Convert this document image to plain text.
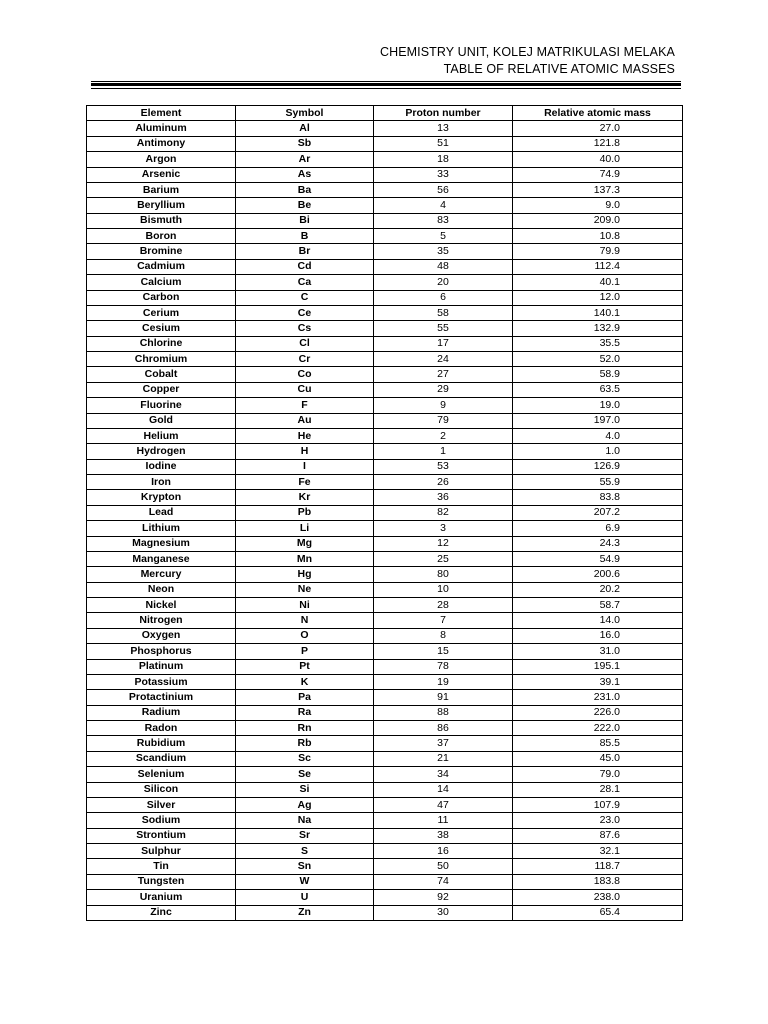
CHEMISTRY UNIT, KOLEJ MATRIKULASI MELAKA
TABLE OF RELATIVE ATOMIC MASSES
Element	Symbol	Proton number	Relative atomic mass
Aluminum	Al	13	27.0
Antimony	Sb	51	121.8
Argon	Ar	18	40.0
Arsenic	As	33	74.9
Barium	Ba	56	137.3
Beryllium	Be	4	9.0
Bismuth	Bi	83	209.0
Boron	B	5	10.8
Bromine	Br	35	79.9
Cadmium	Cd	48	112.4
Calcium	Ca	20	40.1
Carbon	C	6	12.0
Cerium	Ce	58	140.1
Cesium	Cs	55	132.9
Chlorine	Cl	17	35.5
Chromium	Cr	24	52.0
Cobalt	Co	27	58.9
Copper	Cu	29	63.5
Fluorine	F	9	19.0
Gold	Au	79	197.0
Helium	He	2	4.0
Hydrogen	H	1	1.0
Iodine	I	53	126.9
Iron	Fe	26	55.9
Krypton	Kr	36	83.8
Lead	Pb	82	207.2
Lithium	Li	3	6.9
Magnesium	Mg	12	24.3
Manganese	Mn	25	54.9
Mercury	Hg	80	200.6
Neon	Ne	10	20.2
Nickel	Ni	28	58.7
Nitrogen	N	7	14.0
Oxygen	O	8	16.0
Phosphorus	P	15	31.0
Platinum	Pt	78	195.1
Potassium	K	19	39.1
Protactinium	Pa	91	231.0
Radium	Ra	88	226.0
Radon	Rn	86	222.0
Rubidium	Rb	37	85.5
Scandium	Sc	21	45.0
Selenium	Se	34	79.0
Silicon	Si	14	28.1
Silver	Ag	47	107.9
Sodium	Na	11	23.0
Strontium	Sr	38	87.6
Sulphur	S	16	32.1
Tin	Sn	50	118.7
Tungsten	W	74	183.8
Uranium	U	92	238.0
Zinc	Zn	30	65.4
